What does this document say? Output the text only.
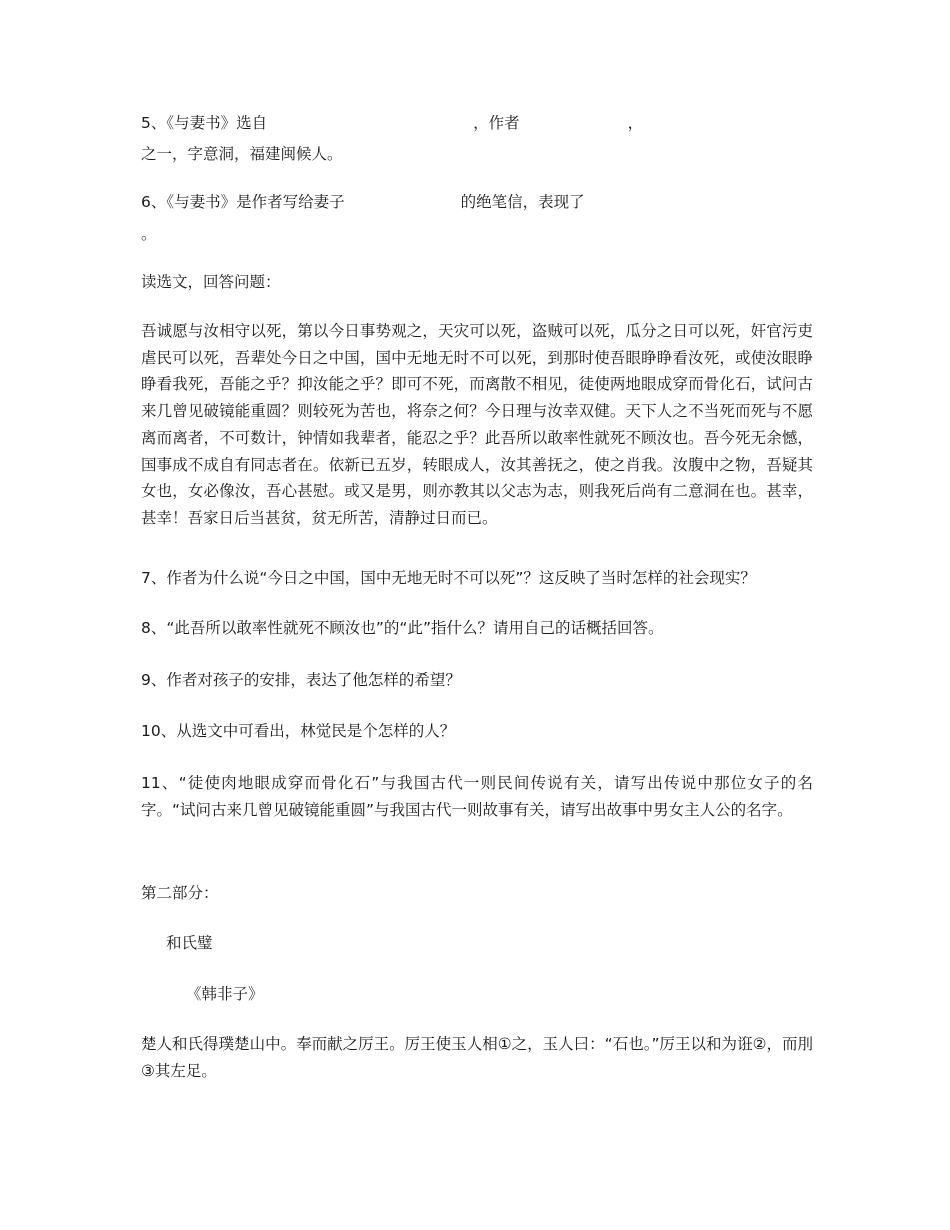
5、《与妻书》选自	，作者	，
之一，字意洞，福建闽候人。
6、《与妻书》是作者写给妻子	的绝笔信，表现了
。
读选文，回答问题：

吾诚愿与汝相守以死，第以今日事势观之，天灾可以死，盗贼可以死，瓜分之日可以死，奸官污吏虐民可以死，吾辈处今日之中国，国中无地无时不可以死，到那时使吾眼睁睁看汝死，或使汝眼睁睁看我死，吾能之乎？抑汝能之乎？即可不死，而离散不相见，徒使两地眼成穿而骨化石，试问古来几曾见破镜能重圆？则较死为苦也，将奈之何？今日理与汝幸双健。天下人之不当死而死与不愿离而离者，不可数计，钟情如我辈者，能忍之乎？此吾所以敢率性就死不顾汝也。吾今死无余憾，国事成不成自有同志者在。依新已五岁，转眼成人，汝其善抚之，使之肖我。汝腹中之物，吾疑其女也，女必像汝，吾心甚慰。或又是男，则亦教其以父志为志，则我死后尚有二意洞在也。甚幸，甚幸！吾家日后当甚贫，贫无所苦，清静过日而已。

7、作者为什么说“今日之中国，国中无地无时不可以死”？这反映了当时怎样的社会现实？
8、“此吾所以敢率性就死不顾汝也”的“此”指什么？请用自己的话概括回答。
9、作者对孩子的安排，表达了他怎样的希望？
10、从选文中可看出，林觉民是个怎样的人？

11、“徒使肉地眼成穿而骨化石”与我国古代一则民间传说有关，请写出传说中那位女子的名字。“试问古来几曾见破镜能重圆”与我国古代一则故事有关，请写出故事中男女主人公的名字。

第二部分：
和氏璧
《韩非子》

楚人和氏得璞楚山中。奉而献之厉王。厉王使玉人相①之，玉人曰：“石也。”厉王以和为诳②，而刖③其左足。
